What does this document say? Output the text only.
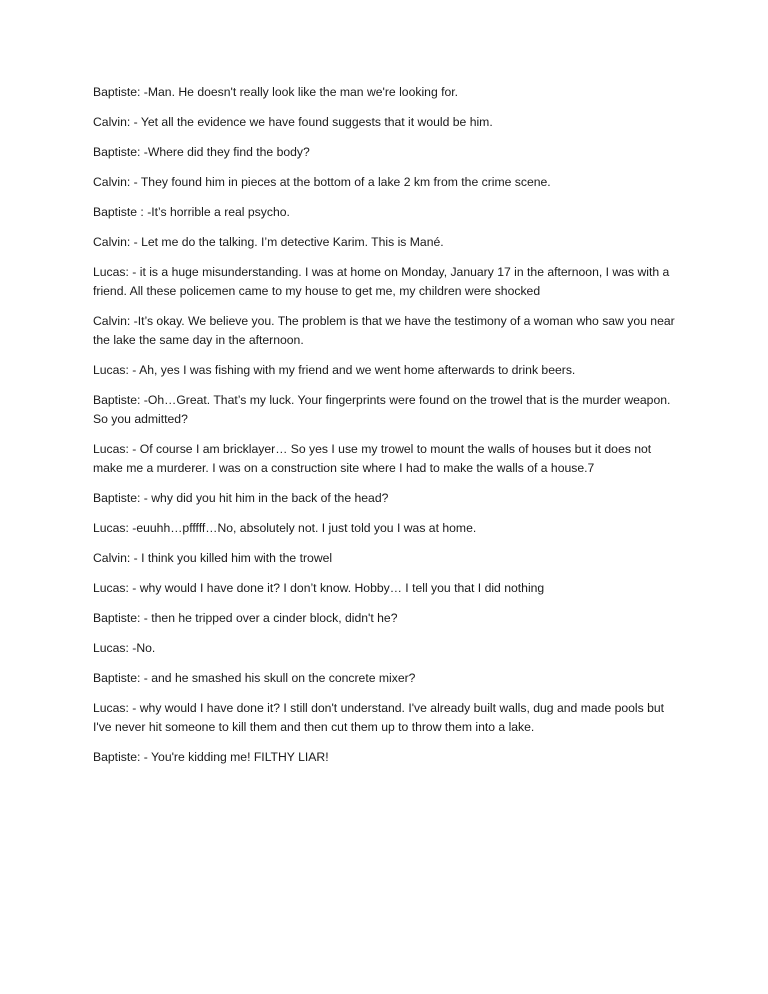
Baptiste: -Man. He doesn't really look like the man we're looking for.

Calvin: - Yet all the evidence we have found suggests that it would be him.

Baptiste: -Where did they find the body?

Calvin: - They found him in pieces at the bottom of a lake 2 km from the crime scene.

Baptiste : -It’s horrible a real psycho.

Calvin: - Let me do the talking. I’m detective Karim. This is Mané.

Lucas: - it is a huge misunderstanding. I was at home on Monday, January 17 in the afternoon, I was with a friend. All these policemen came to my house to get me, my children were shocked

Calvin: -It’s okay. We believe you. The problem is that we have the testimony of a woman who saw you near the lake the same day in the afternoon.

Lucas: - Ah, yes I was fishing with my friend and we went home afterwards to drink beers.

Baptiste: -Oh…Great. That’s my luck. Your fingerprints were found on the trowel that is the murder weapon. So you admitted?

Lucas: - Of course I am bricklayer… So yes I use my trowel to mount the walls of houses but it does not make me a murderer. I was on a construction site where I had to make the walls of a house.7

Baptiste: - why did you hit him in the back of the head?

Lucas: -euuhh…pfffff…No, absolutely not. I just told you I was at home.

Calvin: - I think you killed him with the trowel

Lucas: - why would I have done it? I don’t know. Hobby… I tell you that I did nothing

Baptiste: - then he tripped over a cinder block, didn't he?

Lucas: -No.

Baptiste: - and he smashed his skull on the concrete mixer?

Lucas: - why would I have done it? I still don't understand. I've already built walls, dug and made pools but I've never hit someone to kill them and then cut them up to throw them into a lake.

Baptiste: - You're kidding me! FILTHY LIAR!
